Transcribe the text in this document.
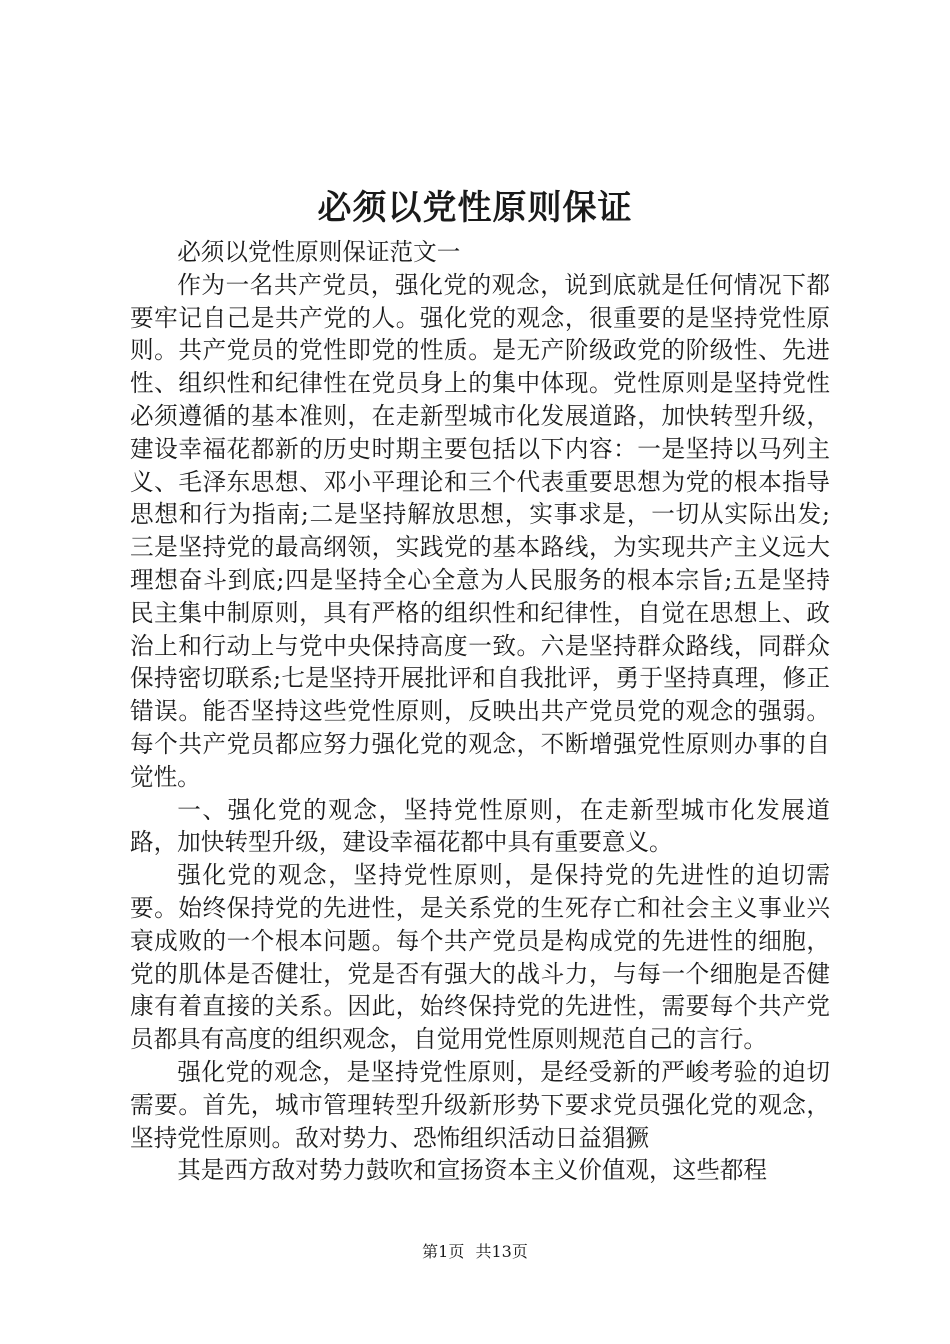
必须以党性原则保证

必须以党性原则保证范文一

作为一名共产党员，强化党的观念，说到底就是任何情况下都要牢记自己是共产党的人。强化党的观念，很重要的是坚持党性原则。共产党员的党性即党的性质。是无产阶级政党的阶级性、先进性、组织性和纪律性在党员身上的集中体现。党性原则是坚持党性必须遵循的基本准则，在走新型城市化发展道路，加快转型升级，建设幸福花都新的历史时期主要包括以下内容：一是坚持以马列主义、毛泽东思想、邓小平理论和三个代表重要思想为党的根本指导思想和行为指南;二是坚持解放思想，实事求是，一切从实际出发;三是坚持党的最高纲领，实践党的基本路线，为实现共产主义远大理想奋斗到底;四是坚持全心全意为人民服务的根本宗旨;五是坚持民主集中制原则，具有严格的组织性和纪律性，自觉在思想上、政治上和行动上与党中央保持高度一致。六是坚持群众路线，同群众保持密切联系;七是坚持开展批评和自我批评，勇于坚持真理，修正错误。能否坚持这些党性原则，反映出共产党员党的观念的强弱。每个共产党员都应努力强化党的观念，不断增强党性原则办事的自觉性。

一、强化党的观念，坚持党性原则，在走新型城市化发展道路，加快转型升级，建设幸福花都中具有重要意义。

强化党的观念，坚持党性原则，是保持党的先进性的迫切需要。始终保持党的先进性，是关系党的生死存亡和社会主义事业兴衰成败的一个根本问题。每个共产党员是构成党的先进性的细胞，党的肌体是否健壮，党是否有强大的战斗力，与每一个细胞是否健康有着直接的关系。因此，始终保持党的先进性，需要每个共产党员都具有高度的组织观念，自觉用党性原则规范自己的言行。

强化党的观念，是坚持党性原则，是经受新的严峻考验的迫切需要。首先，城市管理转型升级新形势下要求党员强化党的观念，坚持党性原则。敌对势力、恐怖组织活动日益猖獗

其是西方敌对势力鼓吹和宣扬资本主义价值观，这些都程

第1页 共13页
